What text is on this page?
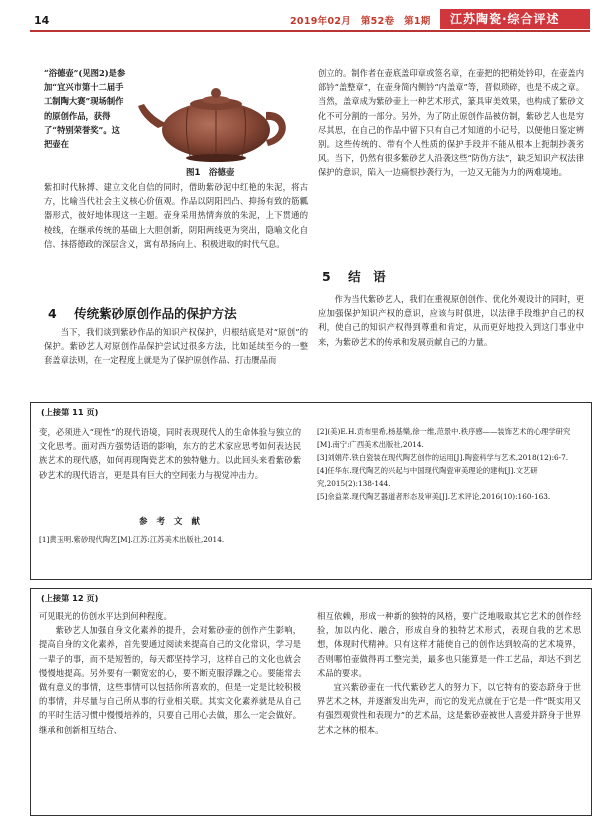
14	2019年02月　第52卷　第1期	江苏陶瓷·综合评述
“浴德壶”(见图2)是参加“宜兴市第十二届手工制陶大赛”现场制作的原创作品，获得了“特别荣誉奖”。这把壶在
图1　浴德壶

紫扣时代脉搏、建立文化自信的同时，借助紫砂泥中红艳的朱泥，将古方，比喻当代社会主义核心价值观。作品以阴阳凹凸、抑扬有致的筋瓤器形式，彼好地体现这一主题。壶身采用热情奔放的朱泥，上下贯通的棱线，在继承传统的基础上大胆创新，阴阳两线更为突出，隐喻文化自信、抹搭德政的深层含义，寓有昂扬向上、积极进取的时代气息。

4 传统紫砂原创作品的保护方法

当下，我们谈到紫砂作品的知识产权保护，归根结底是对“原创”的保护。紫砂艺人对原创作品保护尝试过很多方法，比如延续至今的一整套盖章法则，在一定程度上就是为了保护原创作品、打击赝品而

创立的。制作者在壶底盖印章或签名章，在壶把的把稍处钤印，在壶盖内部钤“盖整章”，在壶身简内侧钤“内盖章”等，晋似琐碎，也是不成之章。当然，盖章成为紫砂壶上一种艺术形式，篆具审美效果，也构成了紫砂文化不可分割的一部分。另外，为了防止原创作品被仿制，紫砂艺人也是穷尽其思，在自己的作品中留下只有自己才知道的小记号，以便他日鉴定辨别。这些传统的、带有个人性质的保护手段并不能从根本上扼制抄袭劣风。当下，仍然有很多紫砂艺人沿袭这些“防伪方法”，缺乏知识产权法律保护的意识，陷入一边痛恨抄袭行为，一边又无能为力的两难境地。

5 结　语

作为当代紫砂艺人，我们在重视原创创作、优化外观设计的同时，更应加强保护知识产权的意识，应该与时俱进，以法律手段维护自己的权利，使自己的知识产权得到尊重和肯定，从而更好地投入到这门事业中来，为紫砂艺术的传承和发展贡献自己的力量。

(上接第 11 页)

变，必须进入“现性”的现代语境，同时表现现代人的生命体验与独立的文化思考。面对西方强势话语的影响，东方的艺术家应思考如何表达民族艺术的现代感，如何再现陶瓷艺术的独特魅力。以此回头来看紫砂紫砂艺术的现代语言，更是具有巨大的空间张力与视觉冲击力。

参 考 文 献
[1]黄玉明.紫砂现代陶艺[M].江苏:江苏美术出版社,2014.
[2](美)E.H.贡布里希,杨基樂,徐一维,范景中.秩序感——装饰艺术的心理学研究[M].南宁:广西美术出版社,2014.
[3]刘娟芹.铁白瓷装在现代陶艺创作的运用[J].陶瓷科学与艺术,2018(12):6-7.
[4]任华东.现代陶艺的兴起与中国现代陶瓷审美理论的建构[J].文艺研究,2015(2):138-144.
[5]余益菜.现代陶艺器道者形态及审美[J].艺术评论,2016(10):160-163.
(上接第 12 页)

可见眼光的仿创水平达到何种程度。

紫砂艺人加强自身文化素养的提升，会对紫砂壶的创作产生影响，提高自身的文化素养，首先要通过阅读来提高自己的文化常识，学习是一辈子的事，而不是短暂的，每天都坚持学习，这样自己的文化也就会慢慢地提高。另外要有一颗宽宏的心，要不断克服浮躁之心。要能常去做有意义的事情，这些事情可以包括你所喜欢的，但是一定是比较积极的事情，并尽量与自己所从事的行业相关联。其实文化素养就是从自己的平时生活习惯中慢慢培养的，只要自己用心去做，那么一定会做好。继承和创新相互结合、

相互依赖，形成一种新的独特的风格，要广泛地吸取其它艺术的创作经验，加以内化、融合，形成自身的独特艺术形式，表现自我的艺术思想，体现时代精神。只有这样才能使自己的创作达到较高的艺术境界，否则哪怕壶做得再工整完美，最多也只能算是一件工艺品，却达不到艺术品的要求。

宜兴紫砂壶在一代代紫砂艺人的努力下，以它特有的姿态跻身于世界艺术之林，并逐渐发出先声，而它的发光点就在于它是一件“既实用又有强烈观赏性和表现力”的艺术品，这是紫砂壶被世人喜爱并跻身于世界艺术之林的根本。
